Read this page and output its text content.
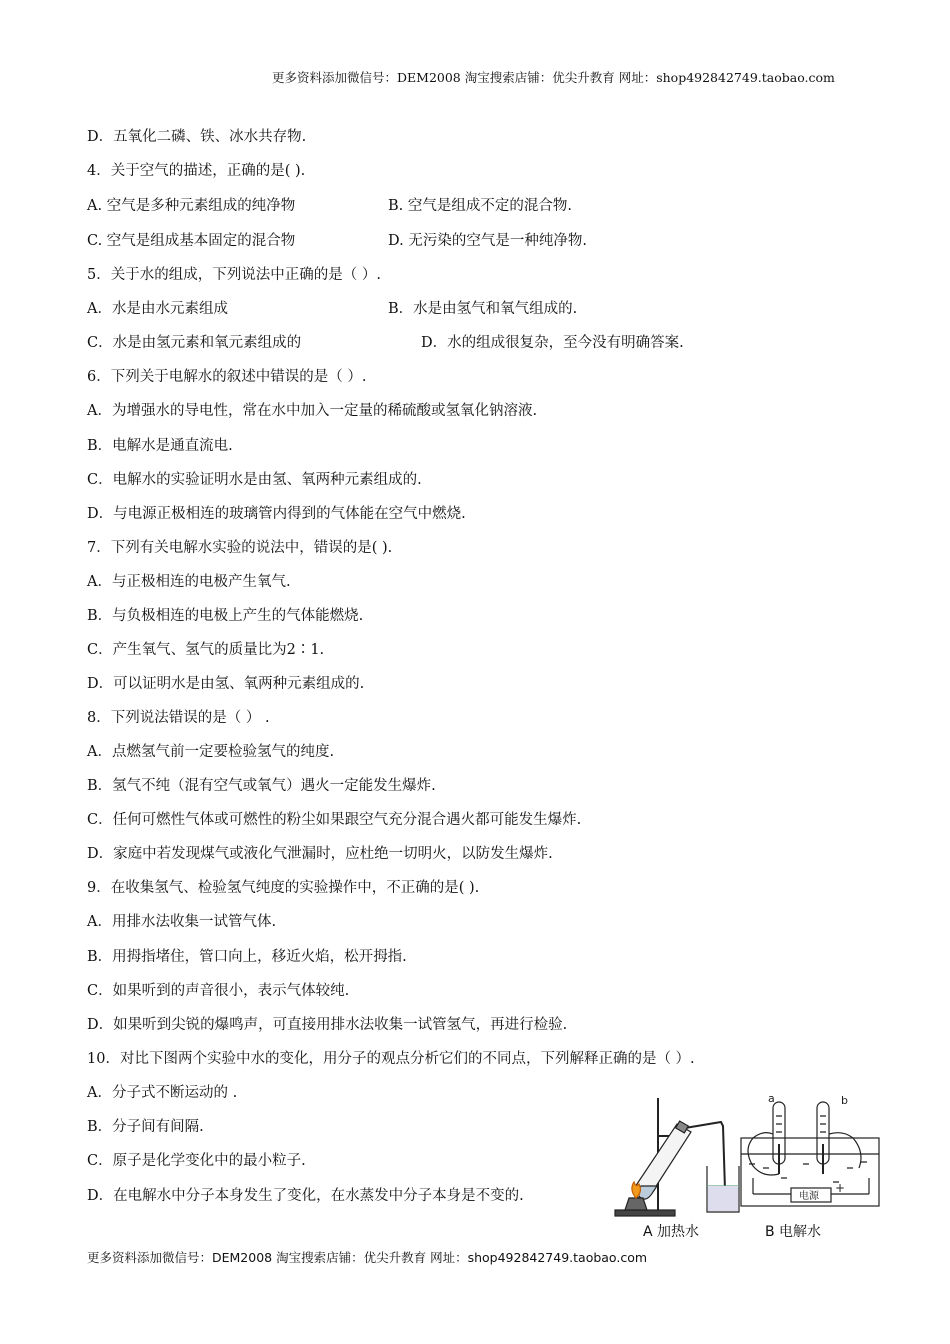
更多资料添加微信号：DEM2008 淘宝搜索店铺：优尖升教育 网址：shop492842749.taobao.com
D．五氧化二磷、铁、冰水共存物.
4．关于空气的描述，正确的是( ).
A. 空气是多种元素组成的纯净物	B. 空气是组成不定的混合物.
C. 空气是组成基本固定的混合物	D. 无污染的空气是一种纯净物.
5．关于水的组成，下列说法中正确的是（ ）.
A．水是由水元素组成	B．水是由氢气和氧气组成的.
C．水是由氢元素和氧元素组成的	D．水的组成很复杂，至今没有明确答案.
6．下列关于电解水的叙述中错误的是（ ）.
A．为增强水的导电性，常在水中加入一定量的稀硫酸或氢氧化钠溶液.
B．电解水是通直流电.
C．电解水的实验证明水是由氢、氧两种元素组成的.
D．与电源正极相连的玻璃管内得到的气体能在空气中燃烧.
7．下列有关电解水实验的说法中，错误的是( ).
A．与正极相连的电极产生氧气.
B．与负极相连的电极上产生的气体能燃烧.
C．产生氧气、氢气的质量比为2∶1.
D．可以证明水是由氢、氧两种元素组成的.
8．下列说法错误的是（ ） .
A．点燃氢气前一定要检验氢气的纯度.
B．氢气不纯（混有空气或氧气）遇火一定能发生爆炸.
C．任何可燃性气体或可燃性的粉尘如果跟空气充分混合遇火都可能发生爆炸.
D．家庭中若发现煤气或液化气泄漏时，应杜绝一切明火，以防发生爆炸.
9．在收集氢气、检验氢气纯度的实验操作中，不正确的是( ).
A．用排水法收集一试管气体.
B．用拇指堵住，管口向上，移近火焰，松开拇指.
C．如果听到的声音很小，表示气体较纯.
D．如果听到尖锐的爆鸣声，可直接用排水法收集一试管氢气，再进行检验.
10．对比下图两个实验中水的变化，用分子的观点分析它们的不同点，下列解释正确的是（ ）.
A．分子式不断运动的 .
B．分子间有间隔.
C．原子是化学变化中的最小粒子.
D．在电解水中分子本身发生了变化，在水蒸发中分子本身是不变的.
a	b
电源
+
A 加热水	B 电解水
更多资料添加微信号：DEM2008 淘宝搜索店铺：优尖升教育 网址：shop492842749.taobao.com
